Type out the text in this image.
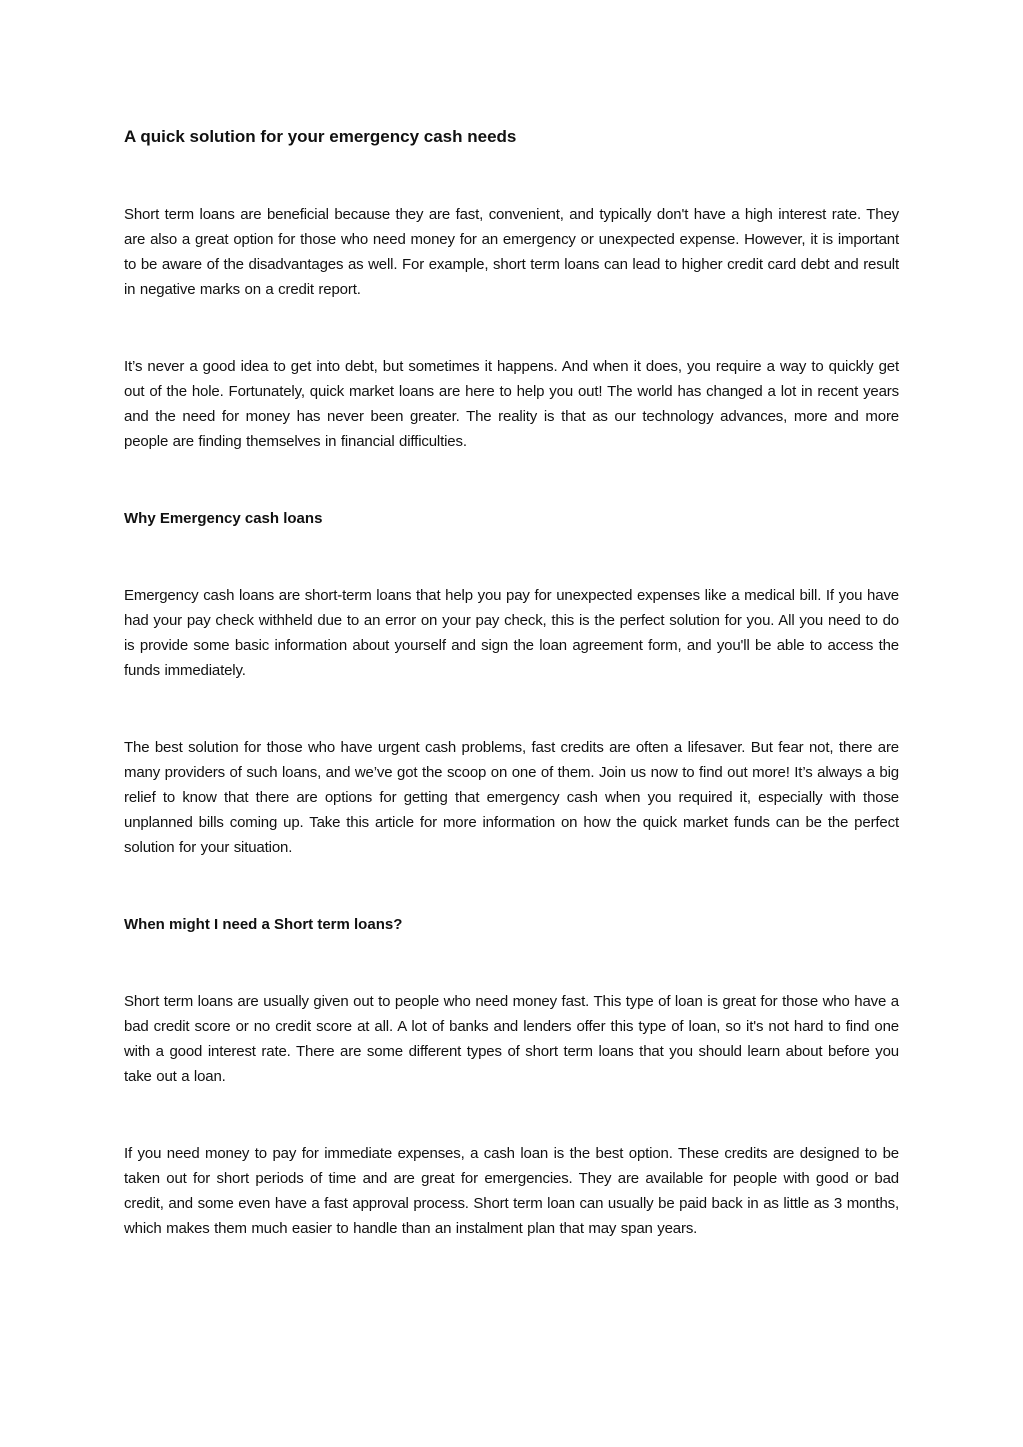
A quick solution for your emergency cash needs

Short term loans are beneficial because they are fast, convenient, and typically don't have a high interest rate. They are also a great option for those who need money for an emergency or unexpected expense. However, it is important to be aware of the disadvantages as well. For example, short term loans can lead to higher credit card debt and result in negative marks on a credit report.

It’s never a good idea to get into debt, but sometimes it happens. And when it does, you require a way to quickly get out of the hole. Fortunately, quick market loans are here to help you out! The world has changed a lot in recent years and the need for money has never been greater. The reality is that as our technology advances, more and more people are finding themselves in financial difficulties.

Why Emergency cash loans

Emergency cash loans are short-term loans that help you pay for unexpected expenses like a medical bill. If you have had your pay check withheld due to an error on your pay check, this is the perfect solution for you. All you need to do is provide some basic information about yourself and sign the loan agreement form, and you'll be able to access the funds immediately.

The best solution for those who have urgent cash problems, fast credits are often a lifesaver. But fear not, there are many providers of such loans, and we’ve got the scoop on one of them. Join us now to find out more! It’s always a big relief to know that there are options for getting that emergency cash when you required it, especially with those unplanned bills coming up. Take this article for more information on how the quick market funds can be the perfect solution for your situation.

When might I need a Short term loans?

Short term loans are usually given out to people who need money fast. This type of loan is great for those who have a bad credit score or no credit score at all. A lot of banks and lenders offer this type of loan, so it's not hard to find one with a good interest rate. There are some different types of short term loans that you should learn about before you take out a loan.

If you need money to pay for immediate expenses, a cash loan is the best option. These credits are designed to be taken out for short periods of time and are great for emergencies. They are available for people with good or bad credit, and some even have a fast approval process. Short term loan can usually be paid back in as little as 3 months, which makes them much easier to handle than an instalment plan that may span years.
